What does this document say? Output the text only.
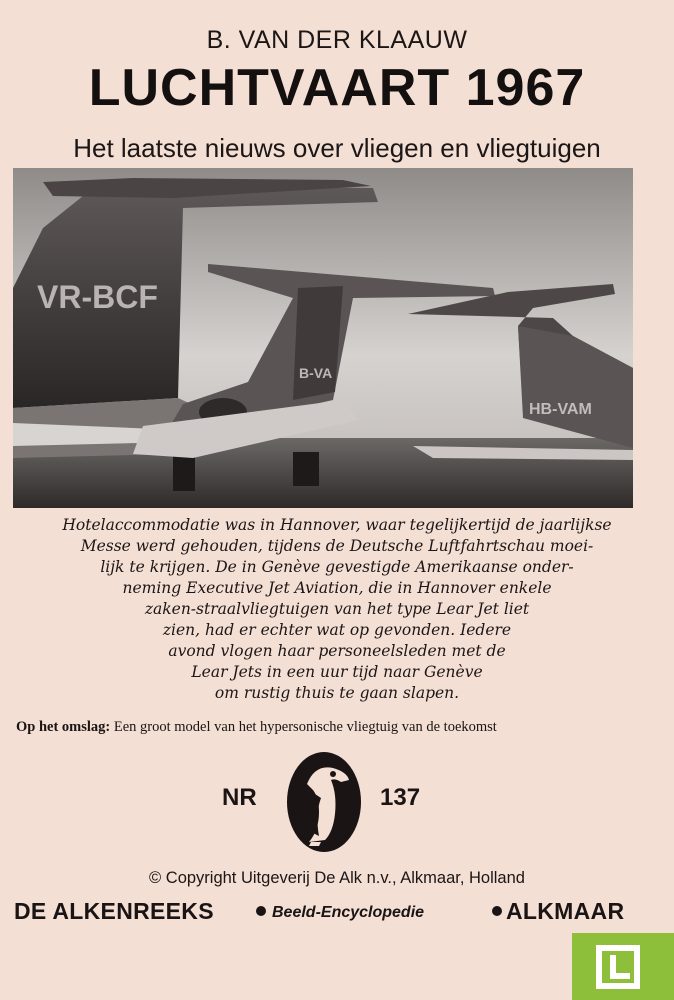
B. VAN DER KLAAUW
LUCHTVAART 1967
Het laatste nieuws over vliegen en vliegtuigen
VR-BCF
B-VA
HB-VAM
Hotelaccommodatie was in Hannover, waar tegelijkertijd de jaarlijkse
Messe werd gehouden, tijdens de Deutsche Luftfahrtschau moei-
lijk te krijgen. De in Genève gevestigde Amerikaanse onder-
neming Executive Jet Aviation, die in Hannover enkele
zaken-straalvliegtuigen van het type Lear Jet liet
zien, had er echter wat op gevonden. Iedere
avond vlogen haar personeelsleden met de
Lear Jets in een uur tijd naar Genève
om rustig thuis te gaan slapen.
Op het omslag: Een groot model van het hypersonische vliegtuig van de toekomst
NR	137
© Copyright Uitgeverij De Alk n.v., Alkmaar, Holland
DE ALKENREEKS	Beeld-Encyclopedie	ALKMAAR
